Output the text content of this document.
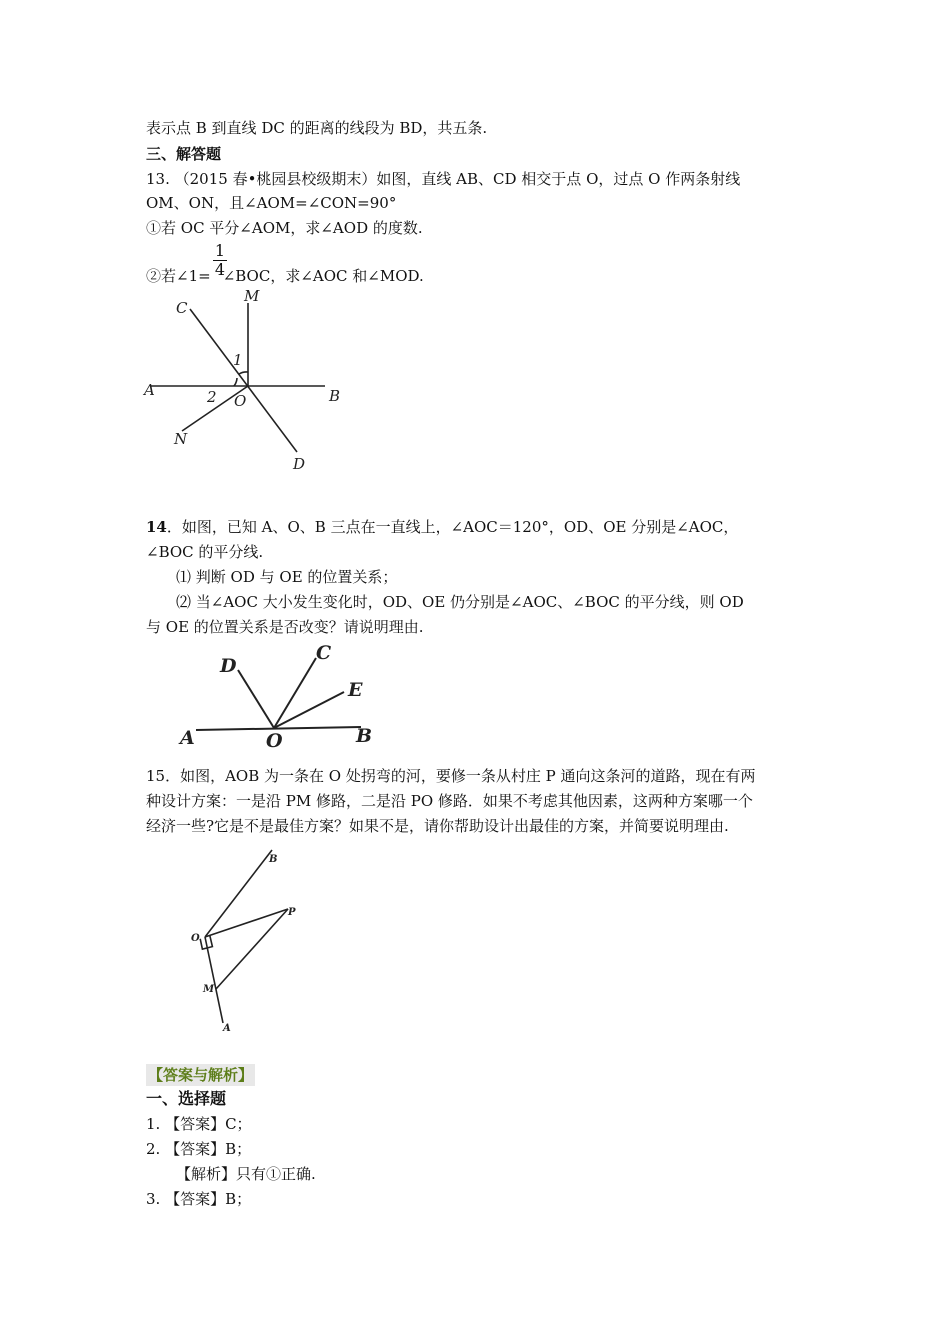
表示点 B 到直线 DC 的距离的线段为 BD，共五条.
三、解答题
13. （2015 春•桃园县校级期末）如图，直线 AB、CD 相交于点 O，过点 O 作两条射线
OM、ON，且∠AOM=∠CON=90°
①若 OC 平分∠AOM，求∠AOD 的度数.
$\frac{1}{4}$
②若∠1= ∠BOC，求∠AOC 和∠MOD.
C
M
1
A	2 O	B
N
D
14．如图，已知 A、O、B 三点在一直线上，∠AOC＝120°，OD、OE 分别是∠AOC，
∠BOC 的平分线.
⑴ 判断 OD 与 OE 的位置关系；
⑵ 当∠AOC 大小发生变化时，OD、OE 仍分别是∠AOC、∠BOC 的平分线，则 OD
与 OE 的位置关系是否改变？请说明理由.
D
C
E
A	O	B
15．如图，AOB 为一条在 O 处拐弯的河，要修一条从村庄 P 通向这条河的道路，现在有两
种设计方案：一是沿 PM 修路，二是沿 PO 修路．如果不考虑其他因素，这两种方案哪一个
经济一些?它是不是最佳方案？如果不是，请你帮助设计出最佳的方案，并简要说明理由.
B
P
O
M
A
【答案与解析】
一、选择题
1. 【答案】C；
2. 【答案】B；
【解析】只有①正确.
3. 【答案】B；
